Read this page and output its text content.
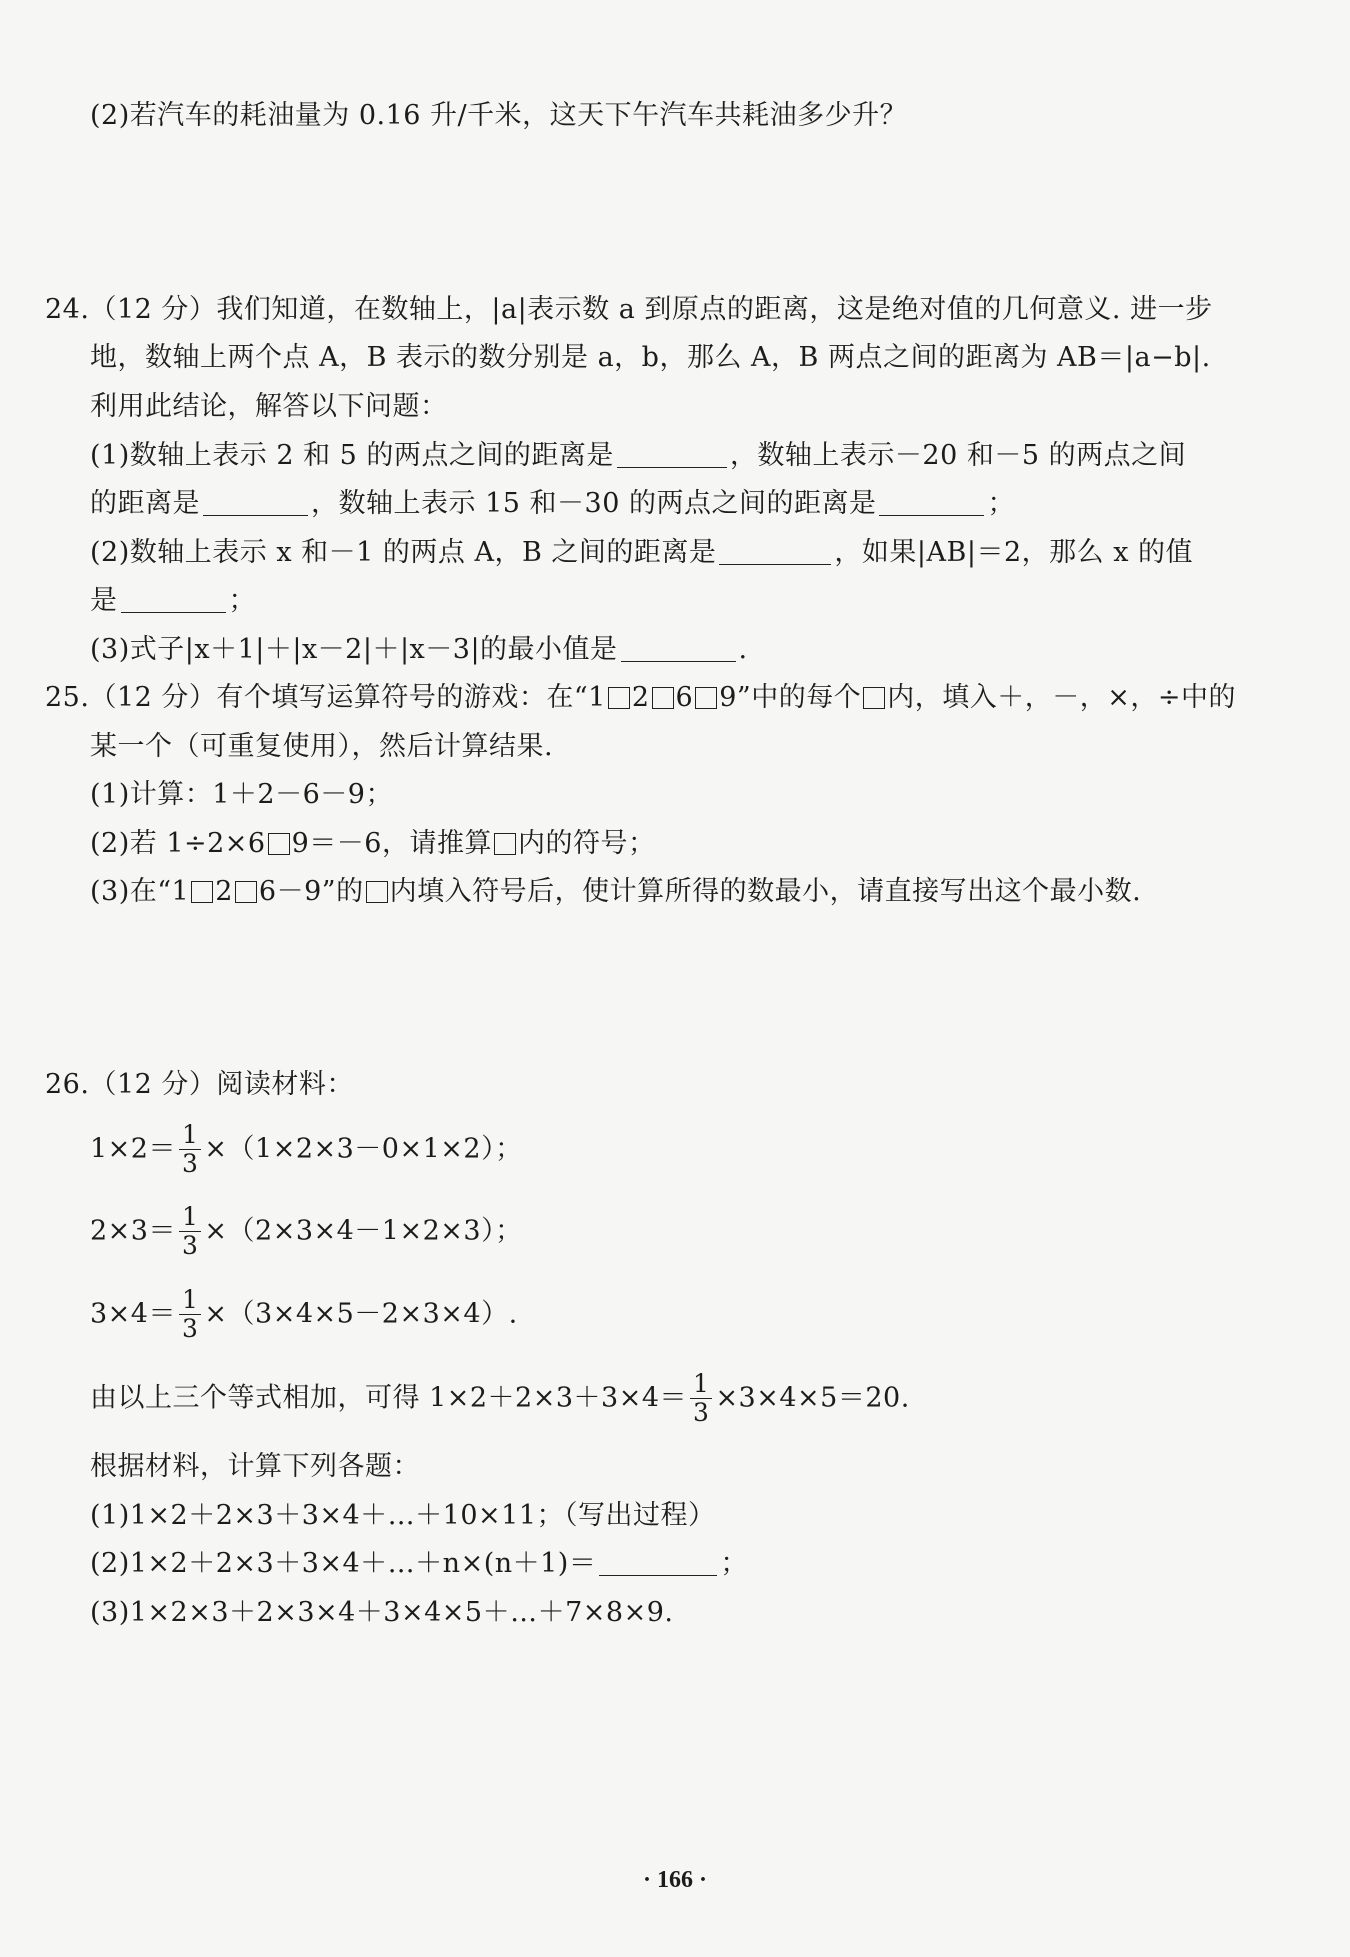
(2)若汽车的耗油量为 0.16 升/千米，这天下午汽车共耗油多少升？
24.（12 分）我们知道，在数轴上，|a|表示数 a 到原点的距离，这是绝对值的几何意义. 进一步
地，数轴上两个点 A，B 表示的数分别是 a，b，那么 A，B 两点之间的距离为 AB＝|a−b|.
利用此结论，解答以下问题：
(1)数轴上表示 2 和 5 的两点之间的距离是	，数轴上表示－20 和－5 的两点之间
的距离是	，数轴上表示 15 和－30 的两点之间的距离是	；
(2)数轴上表示 x 和－1 的两点 A，B 之间的距离是	，如果|AB|＝2，那么 x 的值
是	；
(3)式子|x＋1|＋|x－2|＋|x－3|的最小值是	.
25.（12 分）有个填写运算符号的游戏：在“1 2 6 9”中的每个 内，填入＋，－，×，÷中的
某一个（可重复使用），然后计算结果.
(1)计算：1＋2－6－9；
(2)若 1÷2×6 9＝－6，请推算 内的符号；
(3)在“1 2 6－9”的 内填入符号后，使计算所得的数最小，请直接写出这个最小数.
26.（12 分）阅读材料：
$1\times 2= \frac{1}{3} \times(1\times 2\times 3-0\times 1\times 2)$；
$2\times 3= \frac{1}{3} \times(2\times 3\times 4-1\times 2\times 3)$；
$3\times 4= \frac{1}{3} \times(3\times 4\times 5-2\times 3\times 4)$.
由以上三个等式相加，可得 $1\times 2+2\times 3+3\times 4= \frac{1}{3} \times 3\times 4\times 5=20$.
根据材料，计算下列各题：
(1)1×2＋2×3＋3×4＋…＋10×11；（写出过程）
(2)1×2＋2×3＋3×4＋…＋n×(n＋1)＝	；
(3)1×2×3＋2×3×4＋3×4×5＋…＋7×8×9.
· 166 ·
